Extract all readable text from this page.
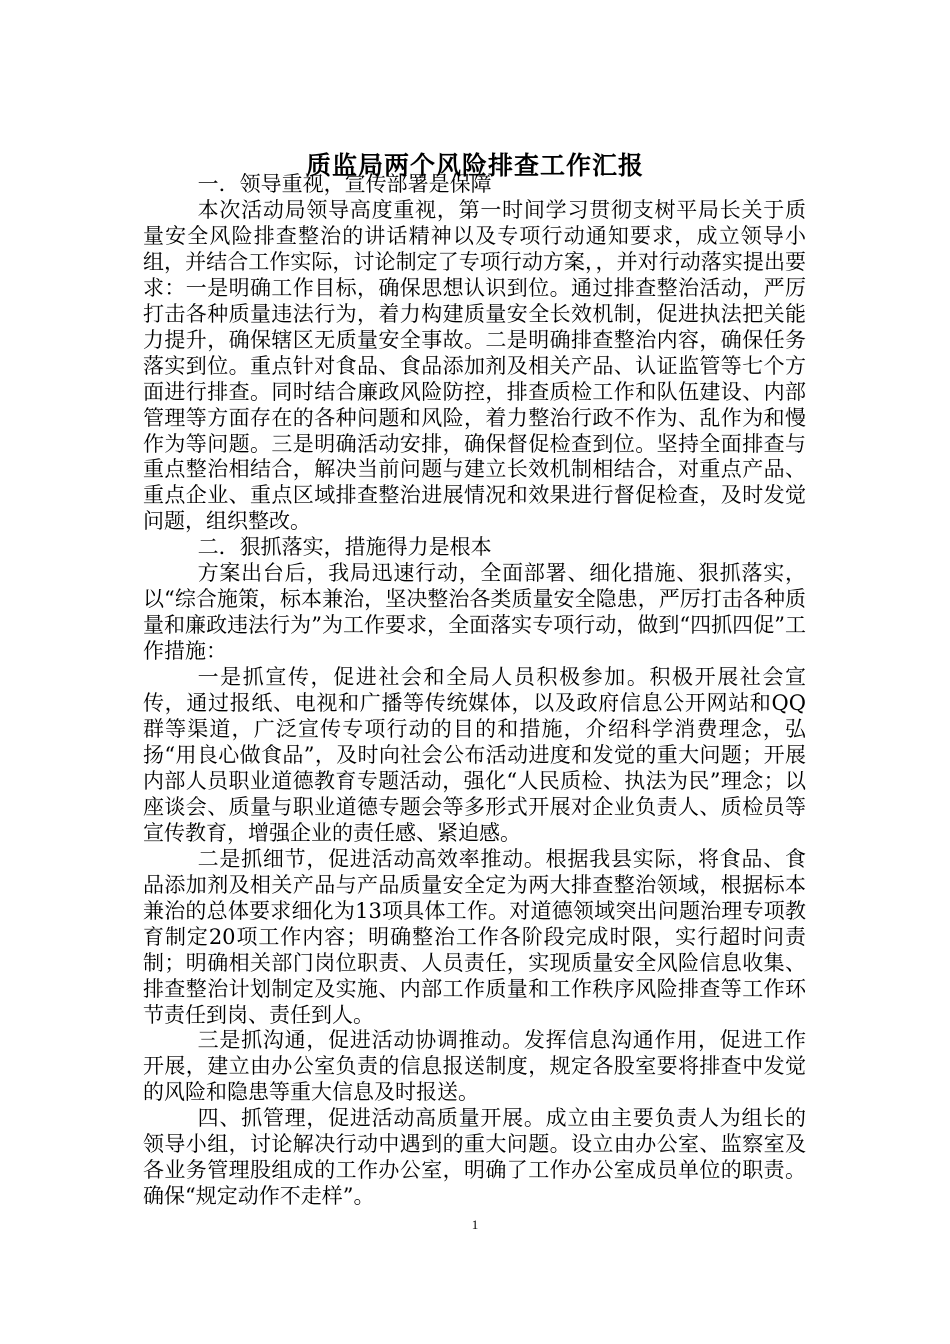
质监局两个风险排查工作汇报

一．领导重视，宣传部署是保障

本次活动局领导高度重视，第一时间学习贯彻支树平局长关于质量安全风险排查整治的讲话精神以及专项行动通知要求，成立领导小组，并结合工作实际，讨论制定了专项行动方案，，并对行动落实提出要求：一是明确工作目标，确保思想认识到位。通过排查整治活动，严厉打击各种质量违法行为，着力构建质量安全长效机制，促进执法把关能力提升，确保辖区无质量安全事故。二是明确排查整治内容，确保任务落实到位。重点针对食品、食品添加剂及相关产品、认证监管等七个方面进行排查。同时结合廉政风险防控，排查质检工作和队伍建设、内部管理等方面存在的各种问题和风险，着力整治行政不作为、乱作为和慢作为等问题。三是明确活动安排，确保督促检查到位。坚持全面排查与重点整治相结合，解决当前问题与建立长效机制相结合，对重点产品、重点企业、重点区域排查整治进展情况和效果进行督促检查，及时发觉问题，组织整改。

二．狠抓落实，措施得力是根本

方案出台后，我局迅速行动，全面部署、细化措施、狠抓落实，以“综合施策，标本兼治，坚决整治各类质量安全隐患，严厉打击各种质量和廉政违法行为”为工作要求，全面落实专项行动，做到“四抓四促”工作措施：

一是抓宣传，促进社会和全局人员积极参加。积极开展社会宣传，通过报纸、电视和广播等传统媒体，以及政府信息公开网站和QQ群等渠道，广泛宣传专项行动的目的和措施，介绍科学消费理念，弘扬“用良心做食品”，及时向社会公布活动进度和发觉的重大问题；开展内部人员职业道德教育专题活动，强化“人民质检、执法为民”理念；以座谈会、质量与职业道德专题会等多形式开展对企业负责人、质检员等宣传教育，增强企业的责任感、紧迫感。

二是抓细节，促进活动高效率推动。根据我县实际，将食品、食品添加剂及相关产品与产品质量安全定为两大排查整治领域，根据标本兼治的总体要求细化为13项具体工作。对道德领域突出问题治理专项教育制定20项工作内容；明确整治工作各阶段完成时限，实行超时问责制；明确相关部门岗位职责、人员责任，实现质量安全风险信息收集、排查整治计划制定及实施、内部工作质量和工作秩序风险排查等工作环节责任到岗、责任到人。

三是抓沟通，促进活动协调推动。发挥信息沟通作用，促进工作开展，建立由办公室负责的信息报送制度，规定各股室要将排查中发觉的风险和隐患等重大信息及时报送。

四、抓管理，促进活动高质量开展。成立由主要负责人为组长的领导小组，讨论解决行动中遇到的重大问题。设立由办公室、监察室及各业务管理股组成的工作办公室，明确了工作办公室成员单位的职责。确保“规定动作不走样”。

1
